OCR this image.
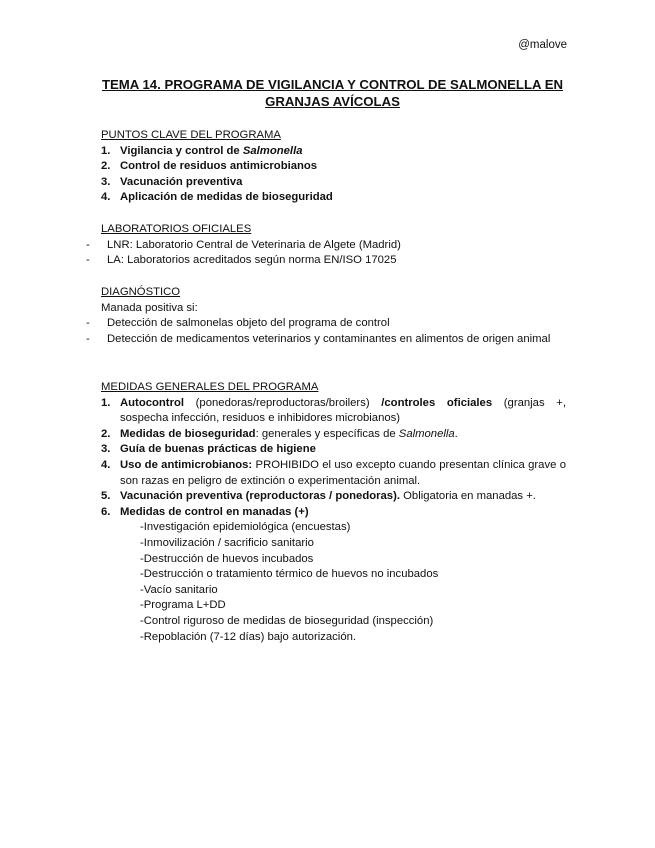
@malove
TEMA 14. PROGRAMA DE VIGILANCIA Y CONTROL DE SALMONELLA EN GRANJAS AVÍCOLAS
PUNTOS CLAVE DEL PROGRAMA
1. Vigilancia y control de Salmonella
2. Control de residuos antimicrobianos
3. Vacunación preventiva
4. Aplicación de medidas de bioseguridad
LABORATORIOS OFICIALES
-	LNR: Laboratorio Central de Veterinaria de Algete (Madrid)
-	LA: Laboratorios acreditados según norma EN/ISO 17025
DIAGNÓSTICO
Manada positiva si:
-	Detección de salmonelas objeto del programa de control
-	Detección de medicamentos veterinarios y contaminantes en alimentos de origen animal
MEDIDAS GENERALES DEL PROGRAMA
1. Autocontrol (ponedoras/reproductoras/broilers) /controles oficiales (granjas +, sospecha infección, residuos e inhibidores microbianos)
2. Medidas de bioseguridad: generales y específicas de Salmonella.
3. Guía de buenas prácticas de higiene
4. Uso de antimicrobianos: PROHIBIDO el uso excepto cuando presentan clínica grave o son razas en peligro de extinción o experimentación animal.
5. Vacunación preventiva (reproductoras / ponedoras). Obligatoria en manadas +.
6. Medidas de control en manadas (+)
-Investigación epidemiológica (encuestas)
-Inmovilización / sacrificio sanitario
-Destrucción de huevos incubados
-Destrucción o tratamiento térmico de huevos no incubados
-Vacío sanitario
-Programa L+DD
-Control riguroso de medidas de bioseguridad (inspección)
-Repoblación (7-12 días) bajo autorización.
